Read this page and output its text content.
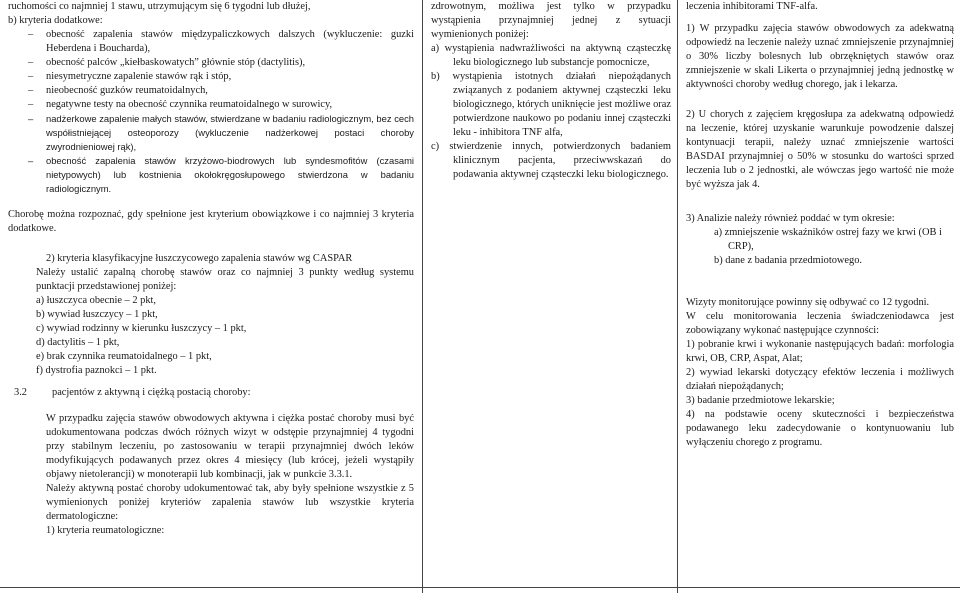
ruchomości co najmniej 1 stawu, utrzymującym się 6 tygodni lub dłużej,

b) kryteria dodatkowe:

– obecność zapalenia stawów międzypaliczkowych dalszych (wykluczenie: guzki Heberdena i Boucharda),

– obecność palców „kiełbaskowatych” głównie stóp (dactylitis),

– niesymetryczne zapalenie stawów rąk i stóp,

– nieobecność guzków reumatoidalnych,

– negatywne testy na obecność czynnika reumatoidalnego w surowicy,

– nadżerkowe zapalenie małych stawów, stwierdzane w badaniu radiologicznym, bez cech współistniejącej osteoporozy (wykluczenie nadżerkowej postaci choroby zwyrodnieniowej rąk),

– obecność zapalenia stawów krzyżowo-biodrowych lub syndesmofitów (czasami nietypowych) lub kostnienia okołokręgosłupowego stwierdzona w badaniu radiologicznym.

Chorobę można rozpoznać, gdy spełnione jest kryterium obowiązkowe i co najmniej 3 kryteria dodatkowe.

2) kryteria klasyfikacyjne łuszczycowego zapalenia stawów wg CASPAR

Należy ustalić zapalną chorobę stawów oraz co najmniej 3 punkty według systemu punktacji przedstawionej poniżej:

a) łuszczyca obecnie – 2 pkt,

b) wywiad łuszczycy – 1 pkt,

c) wywiad rodzinny w kierunku łuszczycy – 1 pkt,

d) dactylitis – 1 pkt,

e) brak czynnika reumatoidalnego – 1 pkt,

f) dystrofia paznokci – 1 pkt.

3.2 pacjentów z aktywną i ciężką postacią choroby:

W przypadku zajęcia stawów obwodowych aktywna i ciężka postać choroby musi być udokumentowana podczas dwóch różnych wizyt w odstępie przynajmniej 4 tygodni przy stabilnym leczeniu, po zastosowaniu w terapii przynajmniej dwóch leków modyfikujących podawanych przez okres 4 miesięcy (lub krócej, jeżeli wystąpiły objawy nietolerancji) w monoterapii lub kombinacji, jak w punkcie 3.3.1.

Należy aktywną postać choroby udokumentować tak, aby były spełnione wszystkie z 5 wymienionych poniżej kryteriów zapalenia stawów lub wszystkie kryteria dermatologiczne:

1) kryteria reumatologiczne:

zdrowotnym, możliwa jest tylko w przypadku wystąpienia przynajmniej jednej z sytuacji wymienionych poniżej:

a) wystąpienia nadwrażliwości na aktywną cząsteczkę leku biologicznego lub substancje pomocnicze,

b) wystąpienia istotnych działań niepożądanych związanych z podaniem aktywnej cząsteczki leku biologicznego, których uniknięcie jest możliwe oraz potwierdzone naukowo po podaniu innej cząsteczki leku - inhibitora TNF alfa,

c) stwierdzenie innych, potwierdzonych badaniem klinicznym pacjenta, przeciwwskazań do podawania aktywnej cząsteczki leku biologicznego.

leczenia inhibitorami TNF-alfa.

1) W przypadku zajęcia stawów obwodowych za adekwatną odpowiedź na leczenie należy uznać zmniejszenie przynajmniej o 30% liczby bolesnych lub obrzękniętych stawów oraz zmniejszenie w skali Likerta o przynajmniej jedną jednostkę w aktywności choroby według chorego, jak i lekarza.

2) U chorych z zajęciem kręgosłupa za adekwatną odpowiedź na leczenie, której uzyskanie warunkuje powodzenie dalszej kontynuacji terapii, należy uznać zmniejszenie wartości BASDAI przynajmniej o 50% w stosunku do wartości sprzed leczenia lub o 2 jednostki, ale wówczas jego wartość nie może być wyższa jak 4.

3) Analizie należy również poddać w tym okresie:

a) zmniejszenie wskaźników ostrej fazy we krwi (OB i CRP),

b) dane z badania przedmiotowego.

Wizyty monitorujące powinny się odbywać co 12 tygodni.

W celu monitorowania leczenia świadczeniodawca jest zobowiązany wykonać następujące czynności:

1) pobranie krwi i wykonanie następujących badań: morfologia krwi, OB, CRP, Aspat, Alat;

2) wywiad lekarski dotyczący efektów leczenia i możliwych działań niepożądanych;

3) badanie przedmiotowe lekarskie;

4) na podstawie oceny skuteczności i bezpieczeństwa podawanego leku zadecydowanie o kontynuowaniu lub wyłączeniu chorego z programu.
